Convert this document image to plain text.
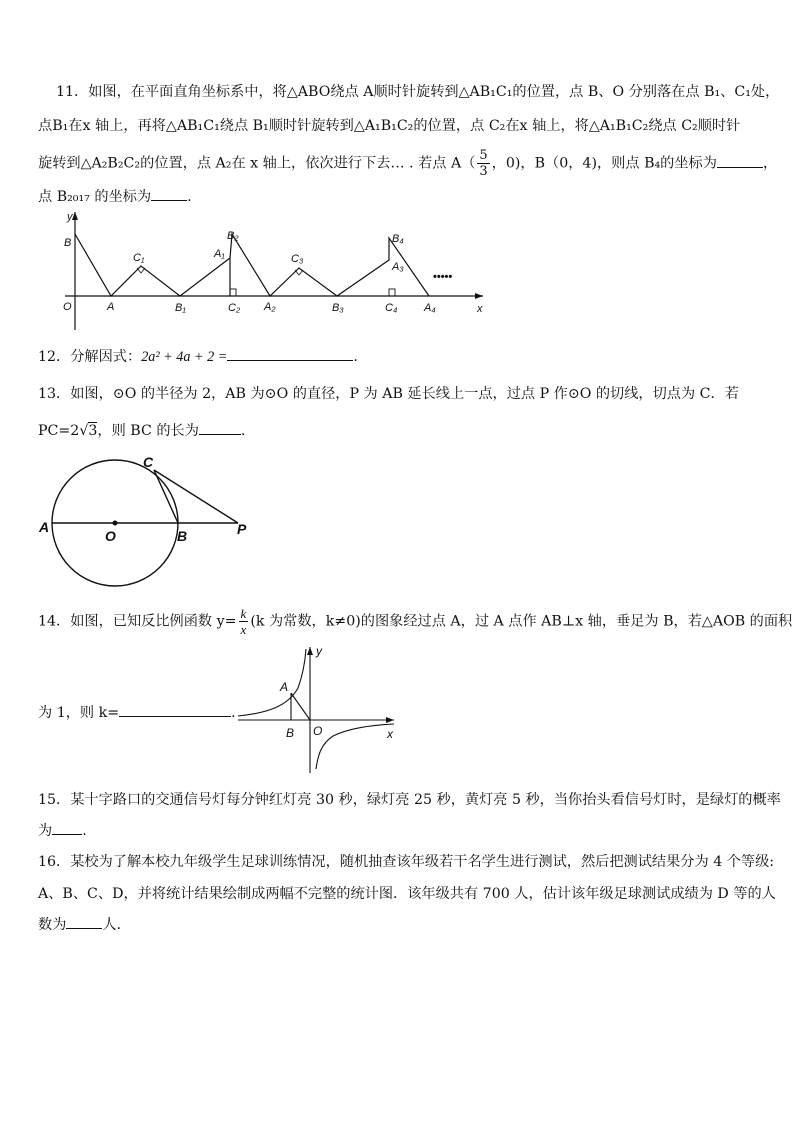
11．如图，在平面直角坐标系中，将△ABO绕点 A顺时针旋转到△AB₁C₁的位置，点 B、O 分别落在点 B₁、C₁处，
点B₁在x 轴上，再将△AB₁C₁绕点 B₁顺时针旋转到△A₁B₁C₂的位置，点 C₂在x 轴上，将△A₁B₁C₂绕点 C₂顺时针
旋转到△A₂B₂C₂的位置，点 A₂在 x 轴上，依次进行下去… . 若点 $A( \frac{5}{3}$ ，0)，B（0，4)，则点 B₄的坐标为	，
点 B₂₀₁₇ 的坐标为	.
y
x
B
O	A
C₁
B₁
B₂
A₁
C₂ A₂
C₃
B₃
B₄
A₃
C₄ A₄
•••••
12．分解因式：2a² + 4a + 2 =	.
13．如图，⊙O 的半径为 2，AB 为⊙O 的直径，P 为 AB 延长线上一点，过点 P 作⊙O 的切线，切点为 C．若
PC=2√3，则 BC 的长为	.
C
A
O	B	P
14．如图，已知反比例函数 $y= \frac{k}{x} (k$ 为常数，k≠0)的图象经过点 A，过 A 点作 AB⊥x 轴，垂足为 B，若△AOB 的面积
为 1，则 k=	.
y
A
B O	x
15．某十字路口的交通信号灯每分钟红灯亮 30 秒，绿灯亮 25 秒，黄灯亮 5 秒，当你抬头看信号灯时，是绿灯的概率
为 .
16．某校为了解本校九年级学生足球训练情况，随机抽查该年级若干名学生进行测试，然后把测试结果分为 4 个等级:
A、B、C、D，并将统计结果绘制成两幅不完整的统计图．该年级共有 700 人，估计该年级足球测试成绩为 D 等的人
数为	人．
